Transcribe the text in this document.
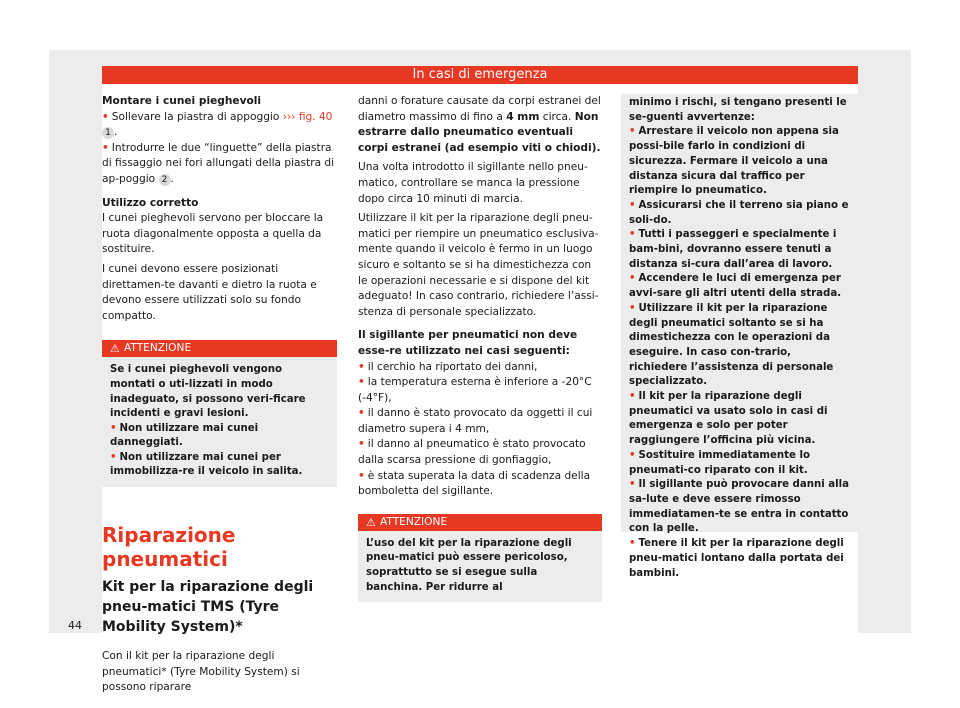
In casi di emergenza

Montare i cunei pieghevoli

• Sollevare la piastra di appoggio ››› fig. 40
1 .
• Introdurre le due “linguette” della piastra di fissaggio nei fori allungati della piastra di ap-poggio 2 .

Utilizzo corretto

I cunei pieghevoli servono per bloccare la ruota diagonalmente opposta a quella da sostituire.

I cunei devono essere posizionati direttamen-te davanti e dietro la ruota e devono essere utilizzati solo su fondo compatto.

⚠ ATTENZIONE

Se i cunei pieghevoli vengono montati o uti-lizzati in modo inadeguato, si possono veri-ficare incidenti e gravi lesioni.

• Non utilizzare mai cunei danneggiati.
• Non utilizzare mai cunei per immobilizza-re il veicolo in salita.

Riparazione pneumatici

Kit per la riparazione degli pneu-matici TMS (Tyre Mobility System)*

Con il kit per la riparazione degli pneumatici* (Tyre Mobility System) si possono riparare

danni o forature causate da corpi estranei del diametro massimo di fino a 4 mm circa. Non estrarre dallo pneumatico eventuali corpi estranei (ad esempio viti o chiodi).

Una volta introdotto il sigillante nello pneu-matico, controllare se manca la pressione dopo circa 10 minuti di marcia.

Utilizzare il kit per la riparazione degli pneu-matici per riempire un pneumatico esclusiva-mente quando il veicolo è fermo in un luogo sicuro e soltanto se si ha dimestichezza con le operazioni necessarie e si dispone del kit adeguato! In caso contrario, richiedere l’assi-stenza di personale specializzato.

Il sigillante per pneumatici non deve esse-re utilizzato nei casi seguenti:

• il cerchio ha riportato dei danni,
• la temperatura esterna è inferiore a -20°C (-4°F),
• il danno è stato provocato da oggetti il cui diametro supera i 4 mm,
• il danno al pneumatico è stato provocato dalla scarsa pressione di gonfiaggio,
• è stata superata la data di scadenza della bomboletta del sigillante.
⚠ ATTENZIONE

L’uso del kit per la riparazione degli pneu-matici può essere pericoloso, soprattutto se si esegue sulla banchina. Per ridurre al

minimo i rischi, si tengano presenti le se-guenti avvertenze:

• Arrestare il veicolo non appena sia possi-bile farlo in condizioni di sicurezza. Fermare il veicolo a una distanza sicura dal traffico per riempire lo pneumatico.
• Assicurarsi che il terreno sia piano e soli-do.
• Tutti i passeggeri e specialmente i bam-bini, dovranno essere tenuti a distanza si-cura dall’area di lavoro.
• Accendere le luci di emergenza per avvi-sare gli altri utenti della strada.
• Utilizzare il kit per la riparazione degli pneumatici soltanto se si ha dimestichezza con le operazioni da eseguire. In caso con-trario, richiedere l’assistenza di personale specializzato.
• Il kit per la riparazione degli pneumatici va usato solo in casi di emergenza e solo per poter raggiungere l’officina più vicina.
• Sostituire immediatamente lo pneumati-co riparato con il kit.
• Il sigillante può provocare danni alla sa-lute e deve essere rimosso immediatamen-te se entra in contatto con la pelle.
• Tenere il kit per la riparazione degli pneu-matici lontano dalla portata dei bambini.
44
